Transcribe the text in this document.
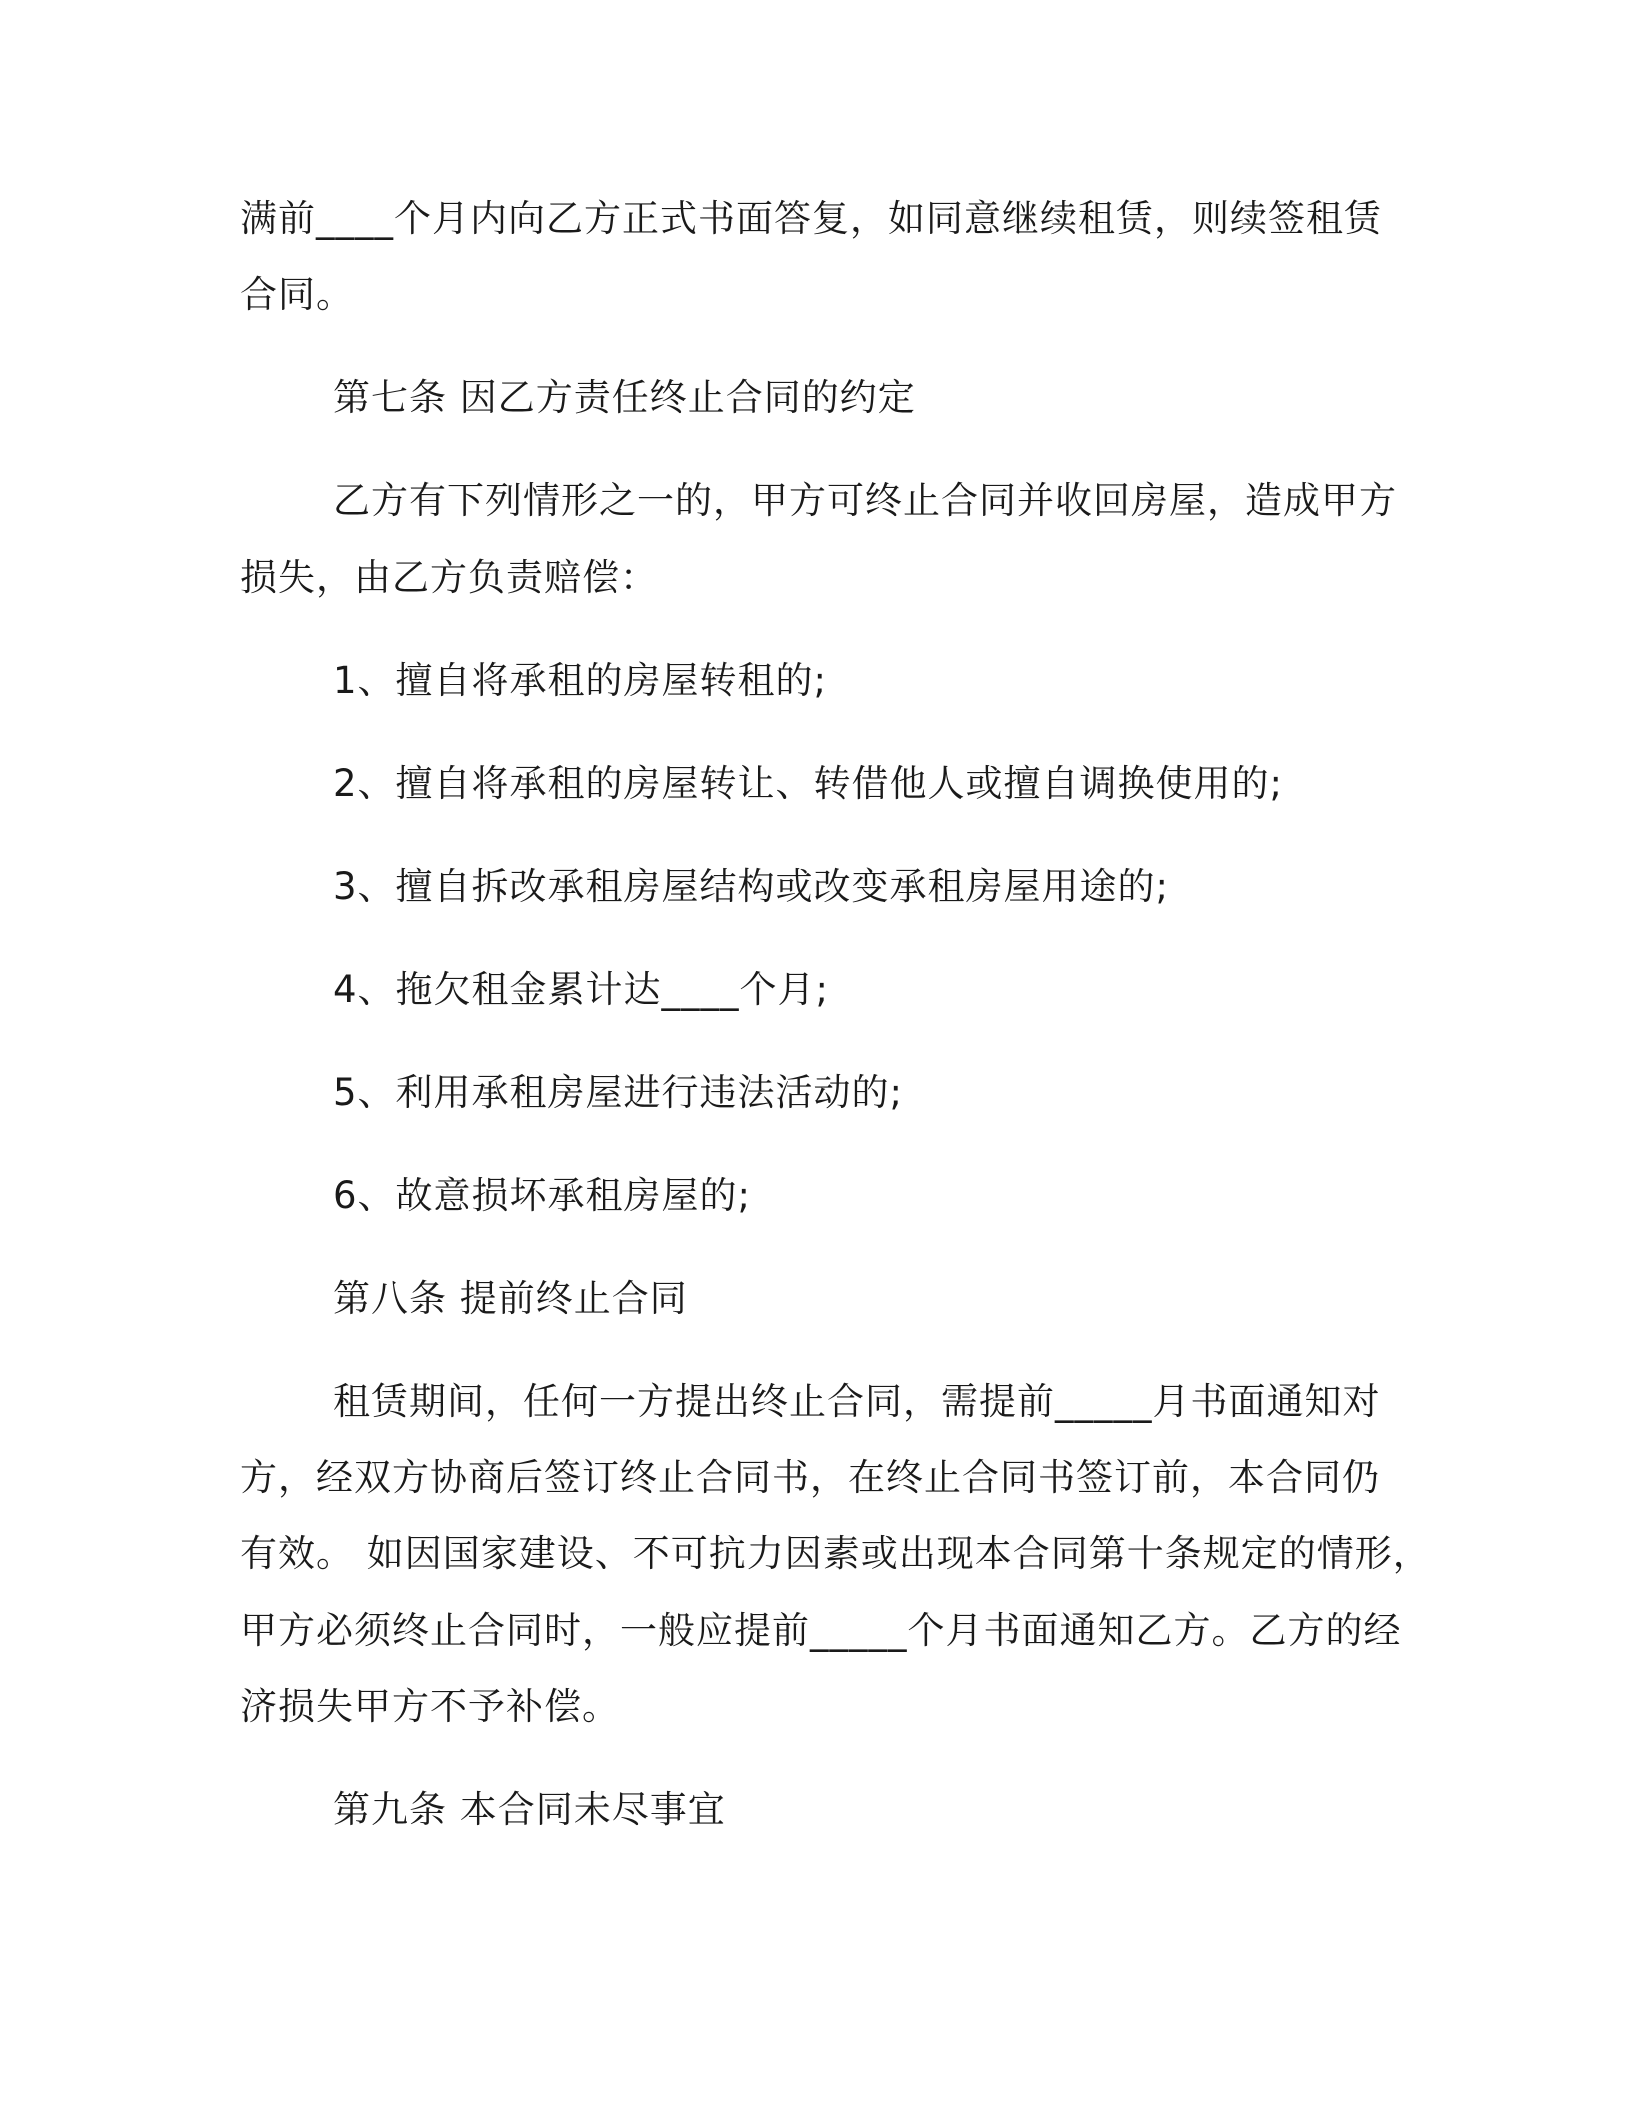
满前____个月内向乙方正式书面答复，如同意继续租赁，则续签租赁
合同。
第七条 因乙方责任终止合同的约定
乙方有下列情形之一的，甲方可终止合同并收回房屋，造成甲方
损失，由乙方负责赔偿：
1、擅自将承租的房屋转租的;
2、擅自将承租的房屋转让、转借他人或擅自调换使用的;
3、擅自拆改承租房屋结构或改变承租房屋用途的;
4、拖欠租金累计达____个月;
5、利用承租房屋进行违法活动的;
6、故意损坏承租房屋的;
第八条 提前终止合同
租赁期间，任何一方提出终止合同，需提前_____月书面通知对
方，经双方协商后签订终止合同书，在终止合同书签订前，本合同仍
有效。 如因国家建设、不可抗力因素或出现本合同第十条规定的情形，
甲方必须终止合同时，一般应提前_____个月书面通知乙方。乙方的经
济损失甲方不予补偿。
第九条 本合同未尽事宜
